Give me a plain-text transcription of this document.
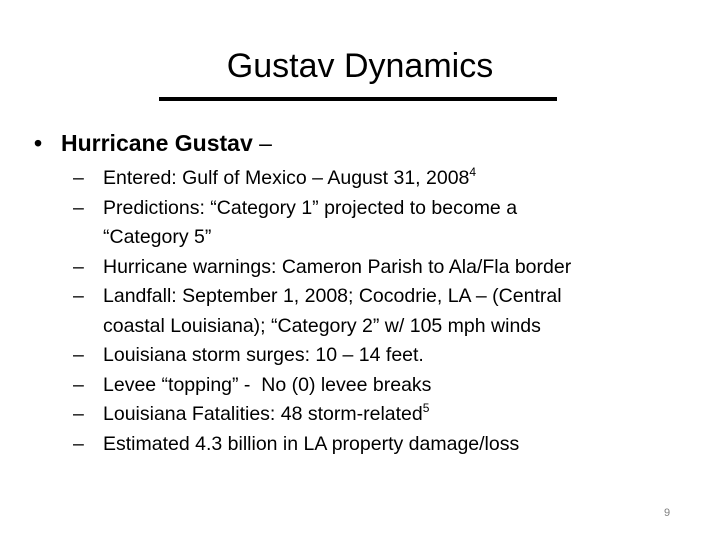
Gustav Dynamics
• Hurricane Gustav –
– Entered: Gulf of Mexico – August 31, 2008$^4$
– Predictions: “Category 1” projected to become a
“Category 5”
– Hurricane warnings: Cameron Parish to Ala/Fla border
– Landfall: September 1, 2008; Cocodrie, LA – (Central
coastal Louisiana); “Category 2” w/ 105 mph winds
– Louisiana storm surges: 10 – 14 feet.
– Levee “topping” -  No (0) levee breaks
– Louisiana Fatalities: 48 storm-related$^5$
– Estimated 4.3 billion in LA property damage/loss
9
